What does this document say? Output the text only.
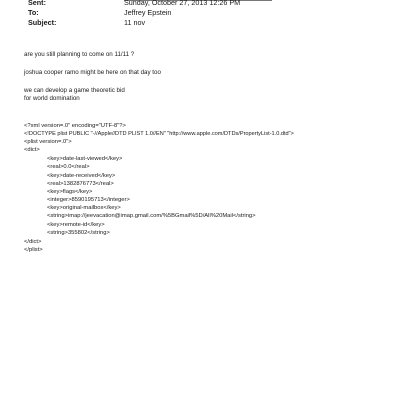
Sent:	Sunday, October 27, 2013 12:26 PM
To:	Jeffrey Epstein
Subject:	11 nov
are you still planning to come on 11/11 ?
joshua cooper ramo might be here on that day too
we can develop a game theoretic bid
for world domination
<?xml version=.0" encoding="UTF-8"?>
<!DOCTYPE plist PUBLIC "-//Apple//DTD PLIST 1.0//EN" "http://www.apple.com/DTDs/PropertyList-1.0.dtd">
<plist version=.0">
<dict>
<key>date-last-viewed</key>
<real>0.0</real>
<key>date-received</key>
<real>1382876773</real>
<key>flags</key>
<integer>8590195713</integer>
<key>original-mailbox</key>
<string>imap://jeevacation@imap.gmail.com/%5BGmail%5D/All%20Mail</string>
<key>remote-id</key>
<string>355802</string>
</dict>
</plist>
